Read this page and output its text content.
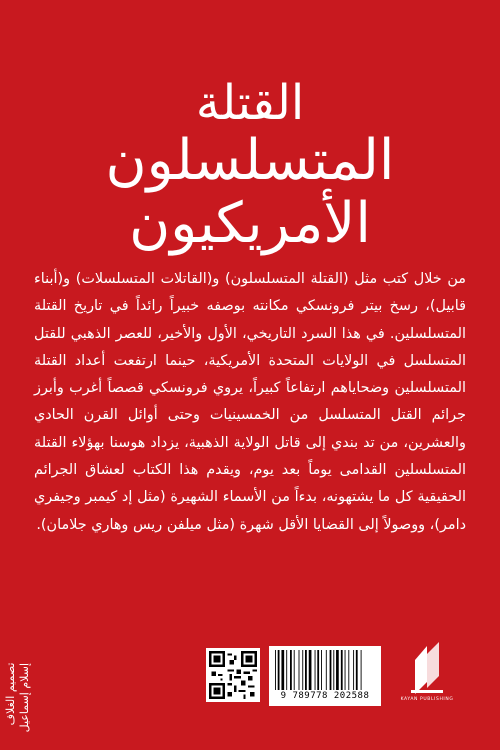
القتلة
المتسلسلون
الأمريكيون
من خلال كتب مثل (القتلة المتسلسلون) و(القاتلات المتسلسلات) و(أبناء قابيل)، رسخ بيتر فرونسكي مكانته بوصفه خبيراً رائداً في تاريخ القتلة المتسلسلين. في هذا السرد التاريخي، الأول والأخير، للعصر الذهبي للقتل المتسلسل في الولايات المتحدة الأمريكية، حينما ارتفعت أعداد القتلة المتسلسلين وضحاياهم ارتفاعاً كبيراً، يروي فرونسكي قصصاً أغرب وأبرز جرائم القتل المتسلسل من الخمسينيات وحتى أوائل القرن الحادي والعشرين، من تد بندي إلى قاتل الولاية الذهبية، يزداد هوسنا بهؤلاء القتلة المتسلسلين القدامى يوماً بعد يوم، ويقدم هذا الكتاب لعشاق الجرائم الحقيقية كل ما يشتهونه، بدءاً من الأسماء الشهيرة (مثل إد كيمبر وجيفري دامر)، ووصولاً إلى القضايا الأقل شهرة (مثل ميلفن ريس وهاري جلامان).
تصميم الغلاف إسلام إسماعيل	9 789778 202588	KAYAN PUBLISHING
